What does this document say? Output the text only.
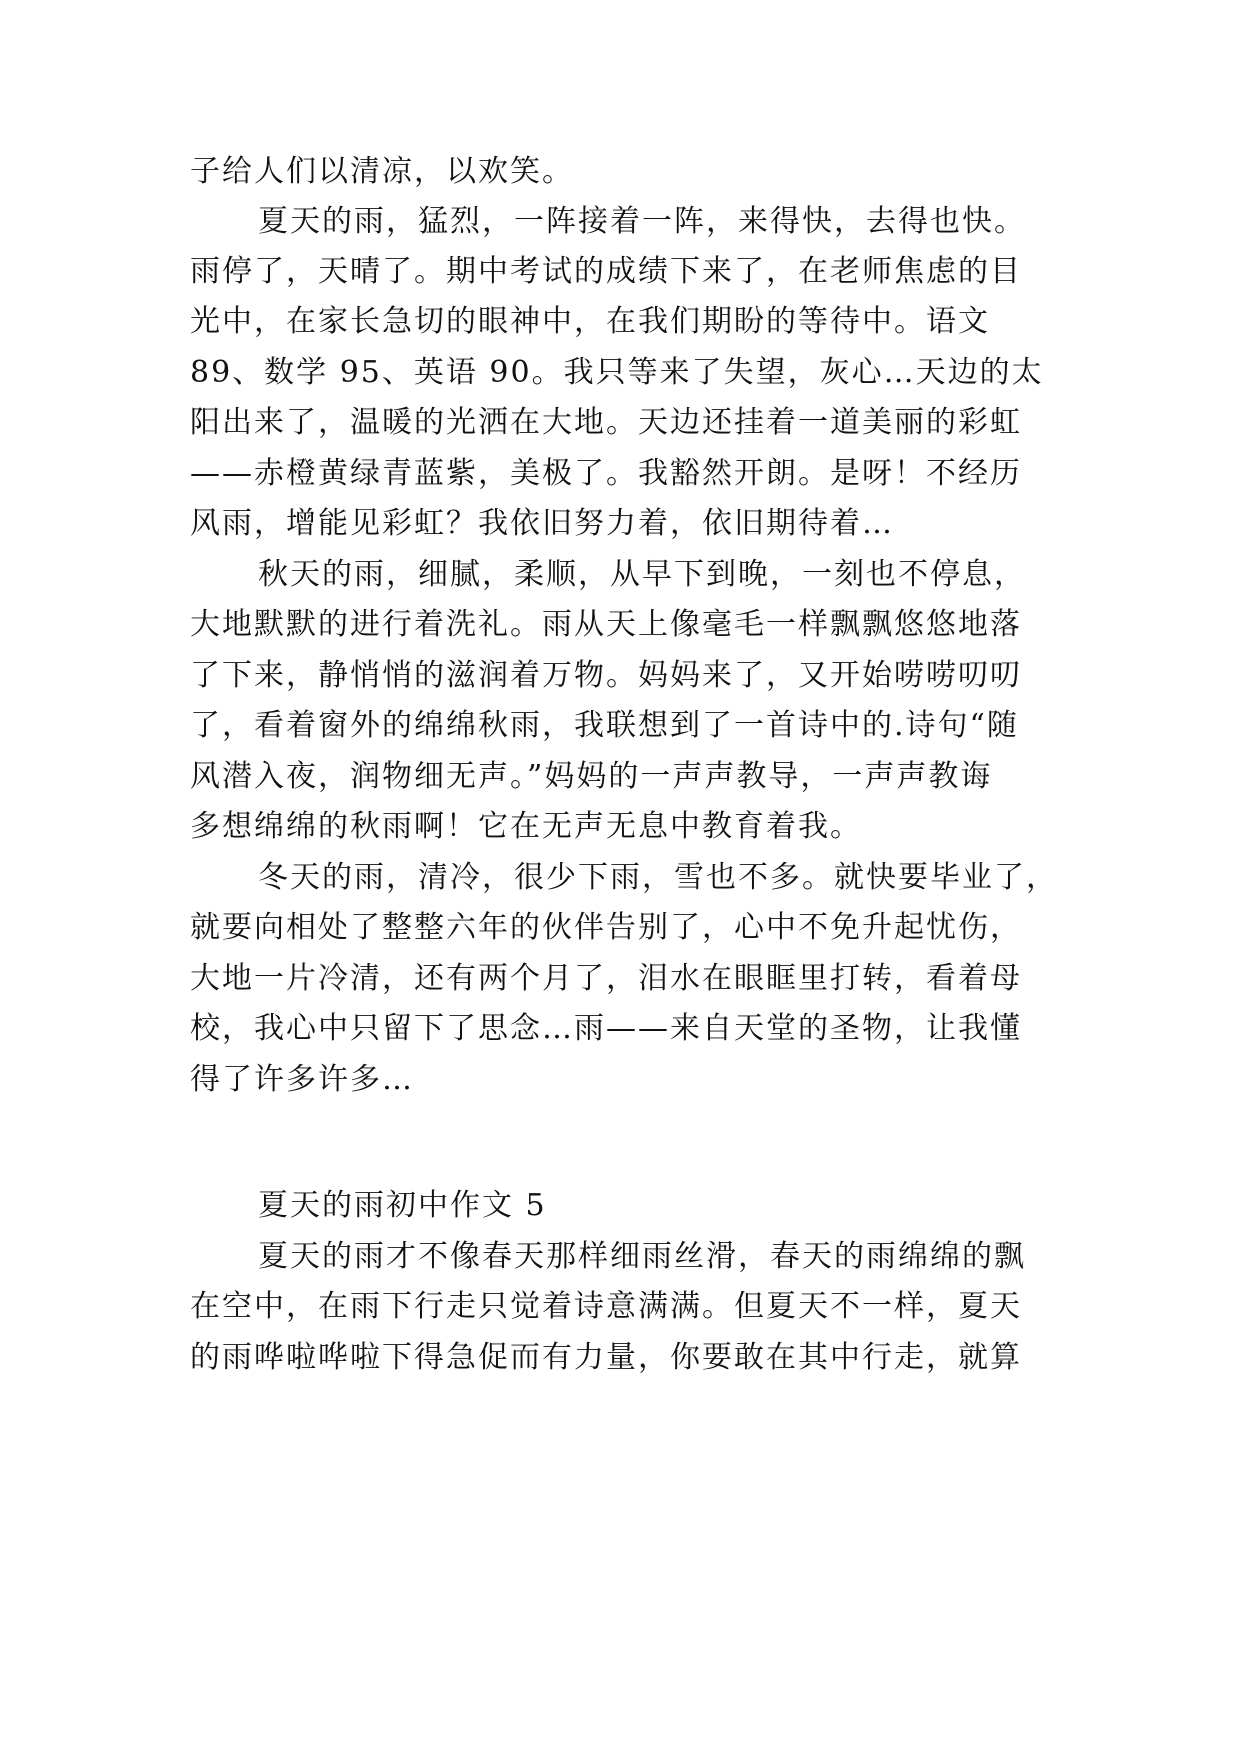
子给人们以清凉，以欢笑。
夏天的雨，猛烈，一阵接着一阵，来得快，去得也快。
雨停了，天晴了。期中考试的成绩下来了，在老师焦虑的目
光中，在家长急切的眼神中，在我们期盼的等待中。语文
89、数学 95、英语 90。我只等来了失望，灰心…天边的太
阳出来了，温暖的光洒在大地。天边还挂着一道美丽的彩虹
——赤橙黄绿青蓝紫，美极了。我豁然开朗。是呀！不经历
风雨，增能见彩虹？我依旧努力着，依旧期待着…
秋天的雨，细腻，柔顺，从早下到晚，一刻也不停息，
大地默默的进行着洗礼。雨从天上像毫毛一样飘飘悠悠地落
了下来，静悄悄的滋润着万物。妈妈来了，又开始唠唠叨叨
了，看着窗外的绵绵秋雨，我联想到了一首诗中的.诗句“随
风潜入夜，润物细无声。”妈妈的一声声教导，一声声教诲
多想绵绵的秋雨啊！它在无声无息中教育着我。
冬天的雨，清冷，很少下雨，雪也不多。就快要毕业了，
就要向相处了整整六年的伙伴告别了，心中不免升起忧伤，
大地一片冷清，还有两个月了，泪水在眼眶里打转，看着母
校，我心中只留下了思念…雨——来自天堂的圣物，让我懂
得了许多许多…
夏天的雨初中作文 5
夏天的雨才不像春天那样细雨丝滑，春天的雨绵绵的飘
在空中，在雨下行走只觉着诗意满满。但夏天不一样，夏天
的雨哗啦哗啦下得急促而有力量，你要敢在其中行走，就算
